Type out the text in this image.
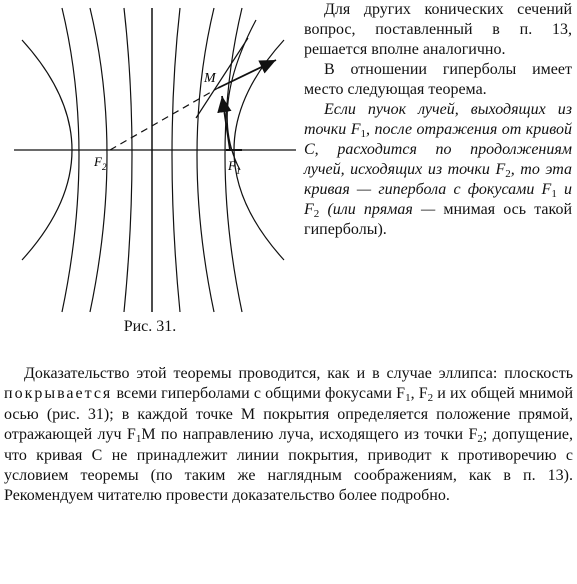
M
F 2	F 1
Рис. 31.

Для других конических сечений вопрос, поставленный в п. 13, решается вполне аналогично.

В отношении гиперболы имеет место следующая теорема.

Если пучок лучей, выходящих из точки $F_1$, после отражения от кривой C, расходится по продолжениям лучей, исходящих из точки $F_2$, то эта кривая — гипербола с фокусами $F_1$ и $F_2$ (или прямая — мнимая ось такой гиперболы).

Доказательство этой теоремы проводится, как и в случае эллипса: плоскость покрывается всеми гиперболами с общими фокусами $F_1$, $F_2$ и их общей мнимой осью (рис. 31); в каждой точке M покрытия определяется положение прямой, отражающей луч $F_1M$ по направлению луча, исходящего из точки $F_2$; допущение, что кривая C не принадлежит линии покрытия, приводит к противоречию с условием теоремы (по таким же наглядным соображениям, как в п. 13). Рекомендуем читателю провести доказательство более подробно.
